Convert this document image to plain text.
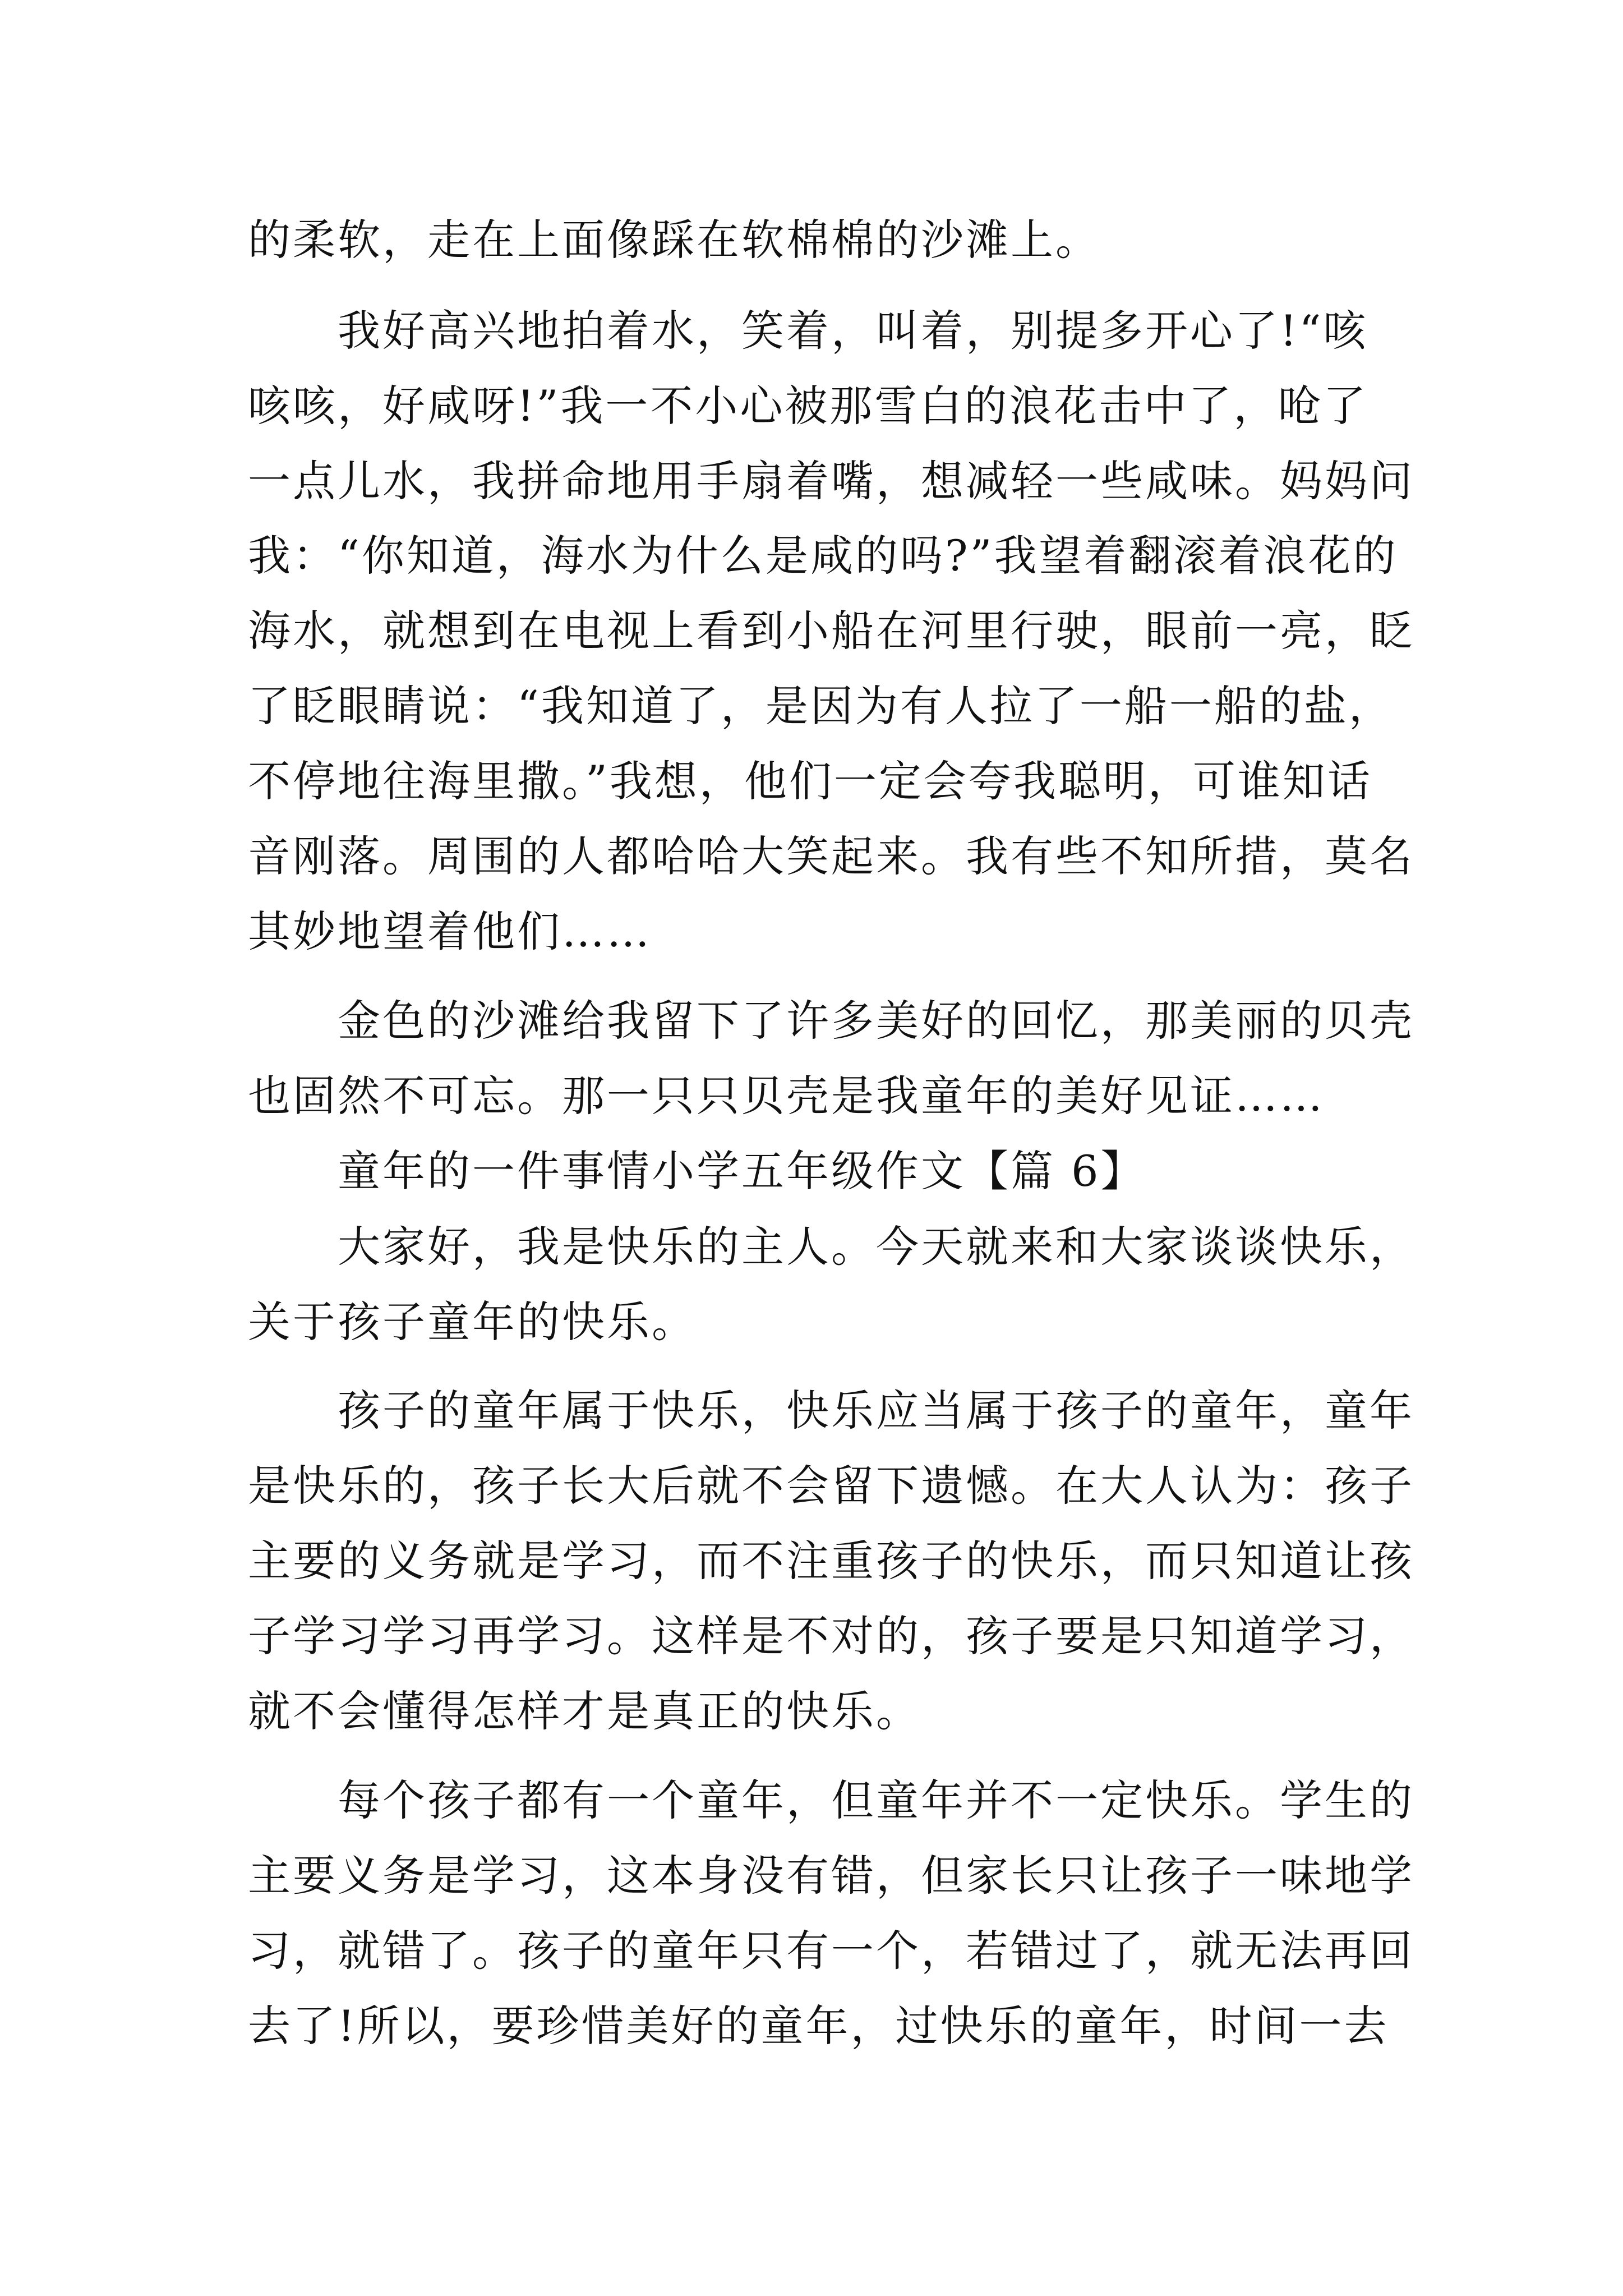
的柔软，走在上面像踩在软棉棉的沙滩上。
我好高兴地拍着水，笑着，叫着，别提多开心了!“咳
咳咳，好咸呀!”我一不小心被那雪白的浪花击中了，呛了
一点儿水，我拼命地用手扇着嘴，想减轻一些咸味。妈妈问
我：“你知道，海水为什么是咸的吗?”我望着翻滚着浪花的
海水，就想到在电视上看到小船在河里行驶，眼前一亮，眨
了眨眼睛说：“我知道了，是因为有人拉了一船一船的盐，
不停地往海里撒。”我想，他们一定会夸我聪明，可谁知话
音刚落。周围的人都哈哈大笑起来。我有些不知所措，莫名
其妙地望着他们……
金色的沙滩给我留下了许多美好的回忆，那美丽的贝壳
也固然不可忘。那一只只贝壳是我童年的美好见证……
童年的一件事情小学五年级作文【篇 6】
大家好，我是快乐的主人。今天就来和大家谈谈快乐，
关于孩子童年的快乐。
孩子的童年属于快乐，快乐应当属于孩子的童年，童年
是快乐的，孩子长大后就不会留下遗憾。在大人认为：孩子
主要的义务就是学习，而不注重孩子的快乐，而只知道让孩
子学习学习再学习。这样是不对的，孩子要是只知道学习，
就不会懂得怎样才是真正的快乐。
每个孩子都有一个童年，但童年并不一定快乐。学生的
主要义务是学习，这本身没有错，但家长只让孩子一味地学
习，就错了。孩子的童年只有一个，若错过了，就无法再回
去了!所以，要珍惜美好的童年，过快乐的童年，时间一去
